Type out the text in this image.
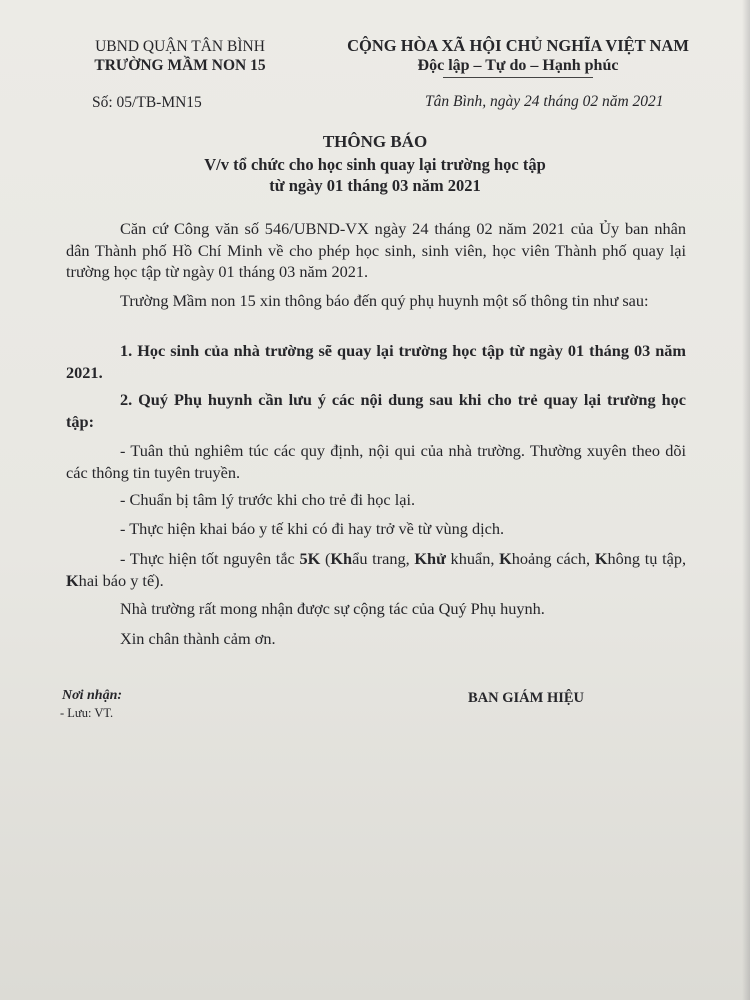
UBND QUẬN TÂN BÌNH
TRƯỜNG MẦM NON 15
CỘNG HÒA XÃ HỘI CHỦ NGHĨA VIỆT NAM
Độc lập – Tự do – Hạnh phúc
Số: 05/TB-MN15	Tân Bình, ngày 24 tháng 02 năm 2021
THÔNG BÁO
V/v tổ chức cho học sinh quay lại trường học tập
từ ngày 01 tháng 03 năm 2021
Căn cứ Công văn số 546/UBND-VX ngày 24 tháng 02 năm 2021 của Ủy ban nhân dân Thành phố Hồ Chí Minh về cho phép học sinh, sinh viên, học viên Thành phố quay lại trường học tập từ ngày 01 tháng 03 năm 2021.
Trường Mầm non 15 xin thông báo đến quý phụ huynh một số thông tin như sau:
1. Học sinh của nhà trường sẽ quay lại trường học tập từ ngày 01 tháng 03 năm 2021.
2. Quý Phụ huynh cần lưu ý các nội dung sau khi cho trẻ quay lại trường học tập:
- Tuân thủ nghiêm túc các quy định, nội qui của nhà trường. Thường xuyên theo dõi các thông tin tuyên truyền.
- Chuẩn bị tâm lý trước khi cho trẻ đi học lại.
- Thực hiện khai báo y tế khi có đi hay trở về từ vùng dịch.
- Thực hiện tốt nguyên tắc 5K (Khẩu trang, Khử khuẩn, Khoảng cách, Không tụ tập, Khai báo y tế).
Nhà trường rất mong nhận được sự cộng tác của Quý Phụ huynh.
Xin chân thành cảm ơn.
Nơi nhận:
- Lưu: VT.
BAN GIÁM HIỆU
